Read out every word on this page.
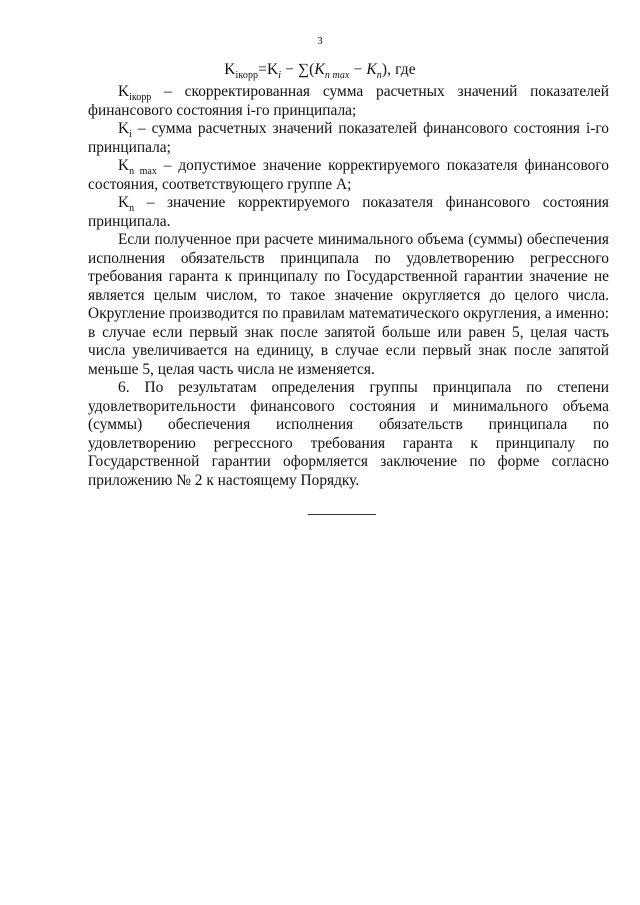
3
$K_{iкорр}=K_i - \sum(K_{n max} - K_n)$, где

$K_{iкорр}$ – скорректированная сумма расчетных значений показателей финансового состояния i-го принципала;

$K_i$ – сумма расчетных значений показателей финансового состояния i-го принципала;

$K_{n max}$ – допустимое значение корректируемого показателя финансового состояния, соответствующего группе А;

$K_n$ – значение корректируемого показателя финансового состояния принципала.

Если полученное при расчете минимального объема (суммы) обеспечения исполнения обязательств принципала по удовлетворению регрессного требования гаранта к принципалу по Государственной гарантии значение не является целым числом, то такое значение округляется до целого числа. Округление производится по правилам математического округления, а именно: в случае если первый знак после запятой больше или равен 5, целая часть числа увеличивается на единицу, в случае если первый знак после запятой меньше 5, целая часть числа не изменяется.

6. По результатам определения группы принципала по степени удовлетворительности финансового состояния и минимального объема (суммы) обеспечения исполнения обязательств принципала по удовлетворению регрессного требования гаранта к принципалу по Государственной гарантии оформляется заключение по форме согласно приложению № 2 к настоящему Порядку.
